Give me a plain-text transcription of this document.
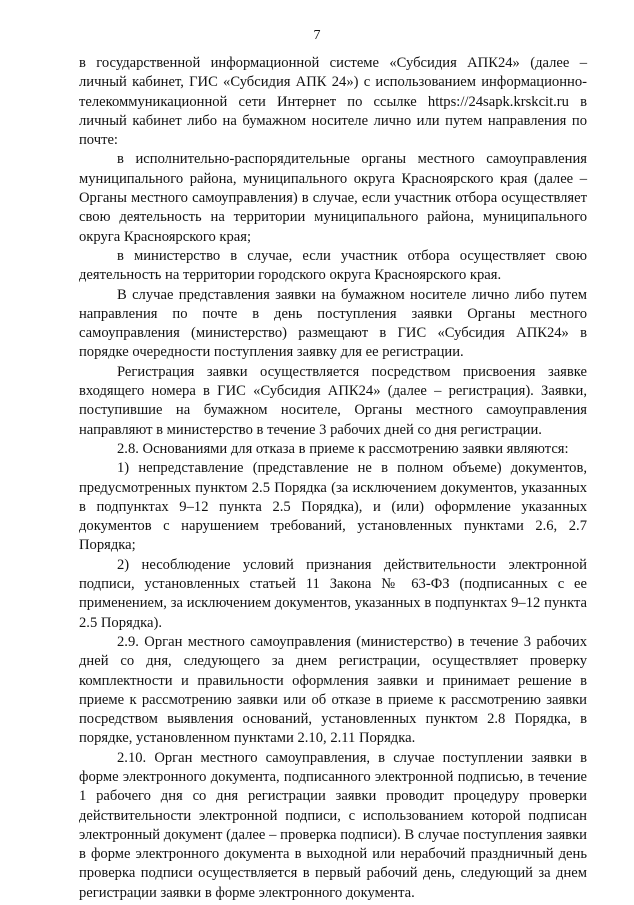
7

в государственной информационной системе «Субсидия АПК24» (далее – личный кабинет, ГИС «Субсидия АПК 24») с использованием информационно-телекоммуникационной сети Интернет по ссылке https://24sapk.krskcit.ru в личный кабинет либо на бумажном носителе лично или путем направления по почте:

в исполнительно-распорядительные органы местного самоуправления муниципального района, муниципального округа Красноярского края (далее – Органы местного самоуправления) в случае, если участник отбора осуществляет свою деятельность на территории муниципального района, муниципального округа Красноярского края;

в министерство в случае, если участник отбора осуществляет свою деятельность на территории городского округа Красноярского края.

В случае представления заявки на бумажном носителе лично либо путем направления по почте в день поступления заявки Органы местного самоуправления (министерство) размещают в ГИС «Субсидия АПК24» в порядке очередности поступления заявку для ее регистрации.

Регистрация заявки осуществляется посредством присвоения заявке входящего номера в ГИС «Субсидия АПК24» (далее – регистрация). Заявки, поступившие на бумажном носителе, Органы местного самоуправления направляют в министерство в течение 3 рабочих дней со дня регистрации.

2.8. Основаниями для отказа в приеме к рассмотрению заявки являются:

1) непредставление (представление не в полном объеме) документов, предусмотренных пунктом 2.5 Порядка (за исключением документов, указанных в подпунктах 9–12 пункта 2.5 Порядка), и (или) оформление указанных документов с нарушением требований, установленных пунктами 2.6, 2.7 Порядка;

2) несоблюдение условий признания действительности электронной подписи, установленных статьей 11 Закона № 63-ФЗ (подписанных с ее применением, за исключением документов, указанных в подпунктах 9–12 пункта 2.5 Порядка).

2.9. Орган местного самоуправления (министерство) в течение 3 рабочих дней со дня, следующего за днем регистрации, осуществляет проверку комплектности и правильности оформления заявки и принимает решение в приеме к рассмотрению заявки или об отказе в приеме к рассмотрению заявки посредством выявления оснований, установленных пунктом 2.8 Порядка, в порядке, установленном пунктами 2.10, 2.11 Порядка.

2.10. Орган местного самоуправления, в случае поступлении заявки в форме электронного документа, подписанного электронной подписью, в течение 1 рабочего дня со дня регистрации заявки проводит процедуру проверки действительности электронной подписи, с использованием которой подписан электронный документ (далее – проверка подписи). В случае поступления заявки в форме электронного документа в выходной или нерабочий праздничный день проверка подписи осуществляется в первый рабочий день, следующий за днем регистрации заявки в форме электронного документа.
